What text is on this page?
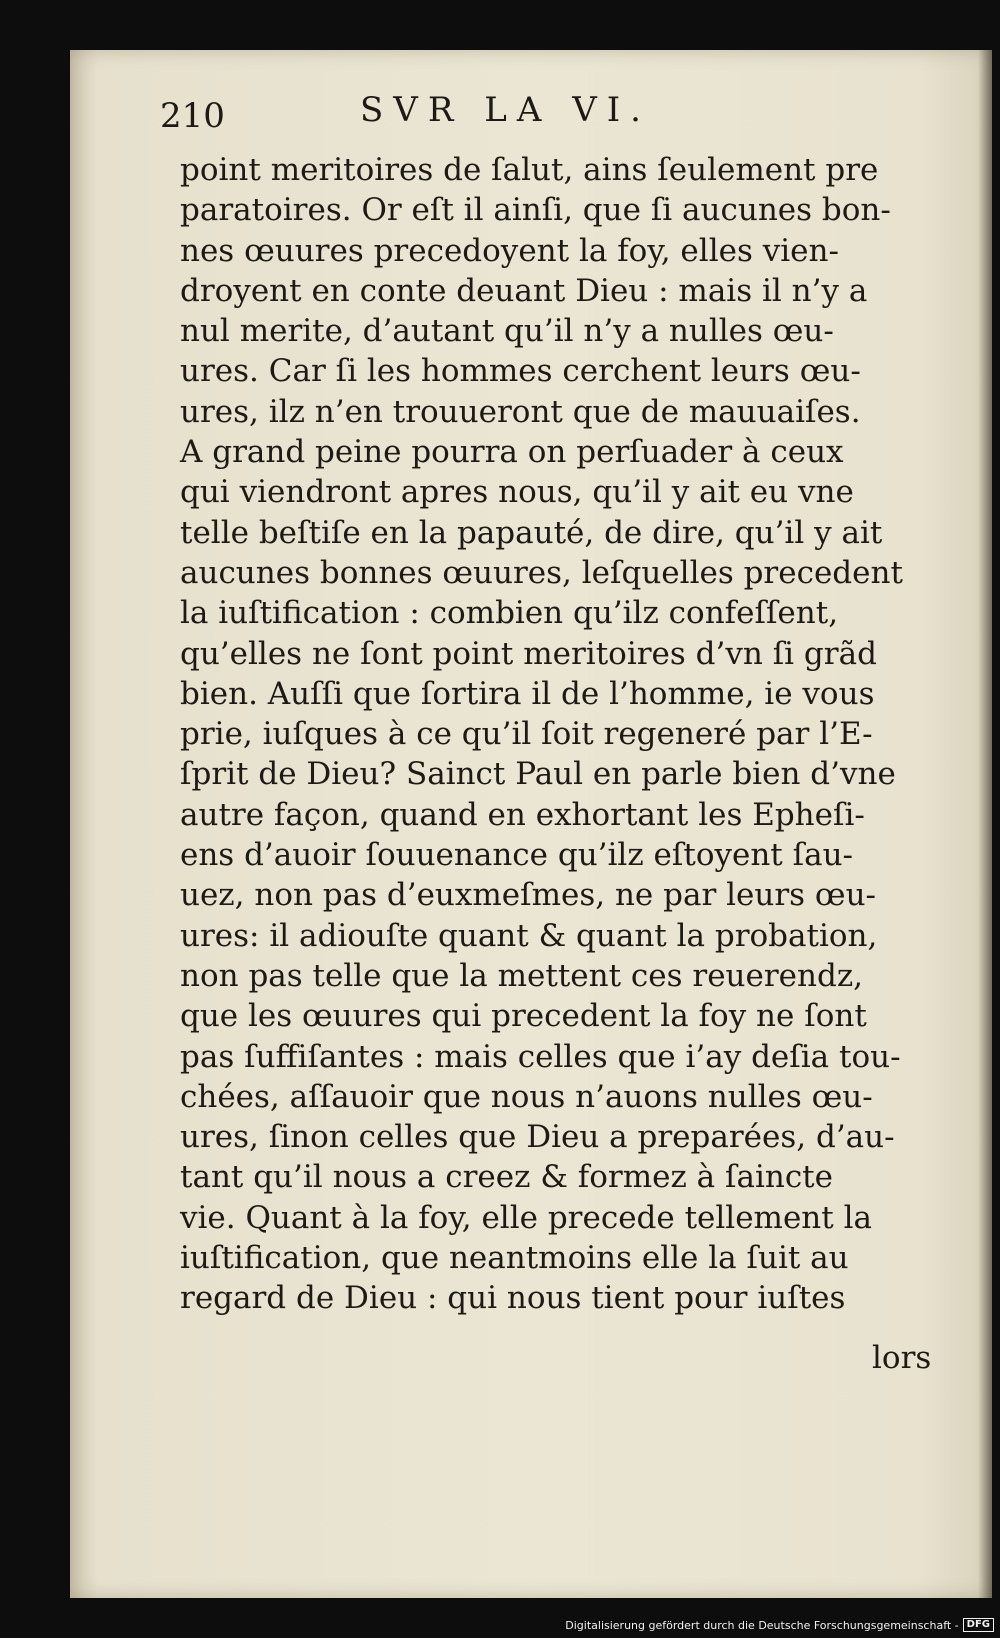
210	SVR LA VI.
point meritoires de ſalut, ains ſeulement pre
paratoires. Or eſt il ainſi, que ſi aucunes bon-
nes œuures precedoyent la foy, elles vien-
droyent en conte deuant Dieu : mais il n’y a
nul merite, d’autant qu’il n’y a nulles œu-
ures. Car ſi les hommes cerchent leurs œu-
ures, ilz n’en trouueront que de mauuaiſes.
A grand peine pourra on perſuader à ceux
qui viendront apres nous, qu’il y ait eu vne
telle beſtiſe en la papauté, de dire, qu’il y ait
aucunes bonnes œuures, leſquelles precedent
la iuſtification : combien qu’ilz confeſſent,
qu’elles ne ſont point meritoires d’vn ſi grãd
bien. Auſſi que ſortira il de l’homme, ie vous
prie, iuſques à ce qu’il ſoit regeneré par l’E-
ſprit de Dieu? Sainct Paul en parle bien d’vne
autre façon, quand en exhortant les Epheſi-
ens d’auoir ſouuenance qu’ilz eſtoyent ſau-
uez, non pas d’euxmeſmes, ne par leurs œu-
ures: il adiouſte quant & quant la probation,
non pas telle que la mettent ces reuerendz,
que les œuures qui precedent la foy ne ſont
pas ſuffiſantes : mais celles que i’ay deſia tou-
chées, aſſauoir que nous n’auons nulles œu-
ures, ſinon celles que Dieu a preparées, d’au-
tant qu’il nous a creez & formez à ſaincte
vie. Quant à la foy, elle precede tellement la
iuſtification, que neantmoins elle la ſuit au
regard de Dieu : qui nous tient pour iuſtes
lors
Digitalisierung gefördert durch die Deutsche Forschungsgemeinschaft - DFG
